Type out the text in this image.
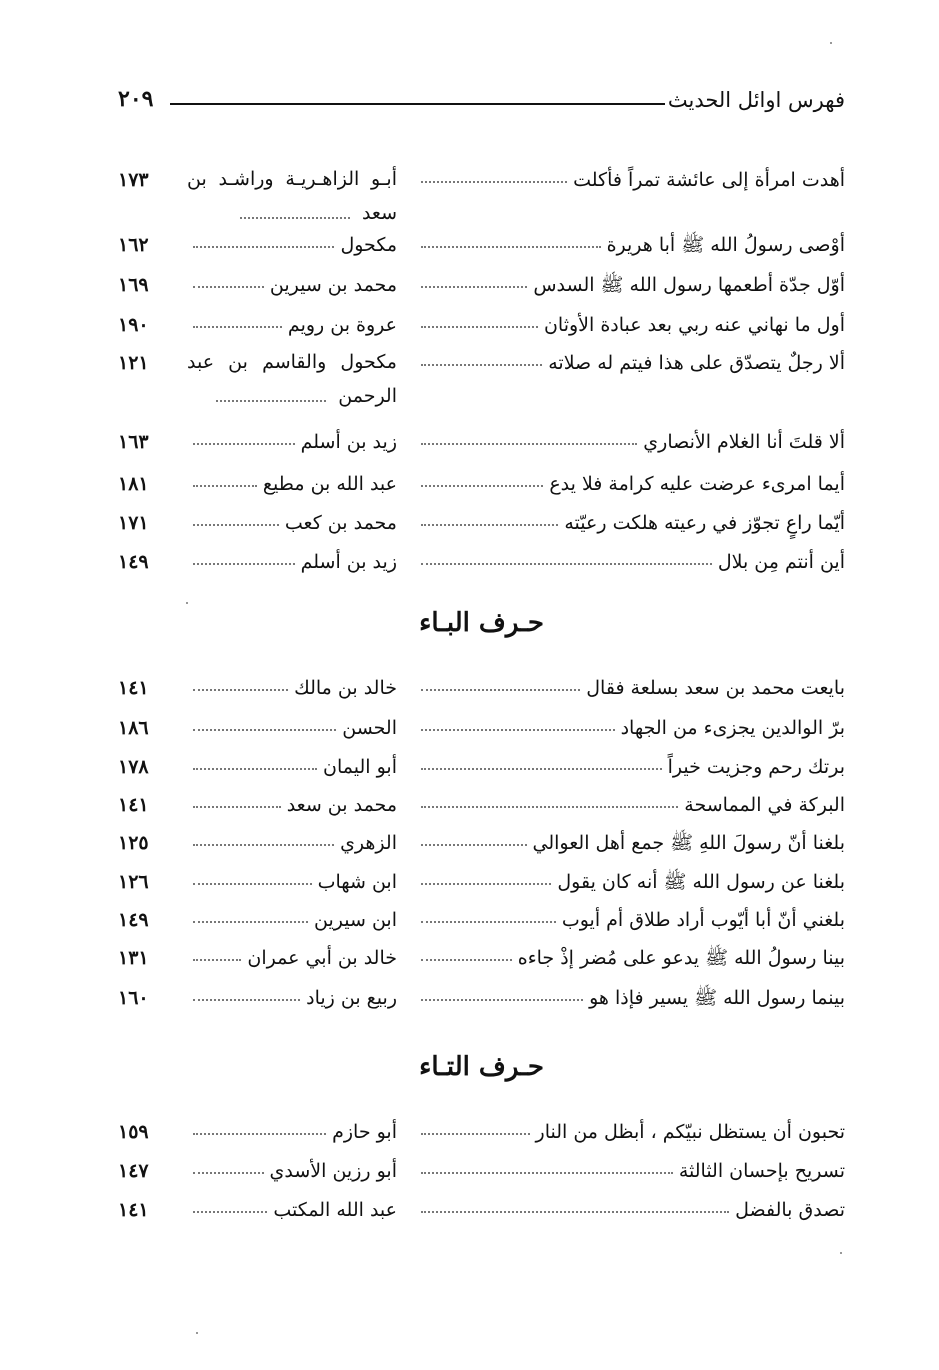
فهرس اوائل الحديث
٢٠٩
أهدت امرأة إلى عائشة تمراً فأكلت
أبـو الزاهـريـة وراشـد بن سعد
١٧٣
أوْصى رسولُ الله ﷺ أبا هريرة
مكحول
١٦٢
أوّل جدّة أطعمها رسول الله ﷺ السدس
محمد بن سيرين
١٦٩
أول ما نهاني عنه ربي بعد عبادة الأوثان
عروة بن رويم
١٩٠
ألا رجلٌ يتصدّق على هذا فيتم له صلاته
مكحول والقاسم بن عبد الرحمن
١٢١
ألا قلتَ أنا الغلام الأنصاري
زيد بن أسلم
١٦٣
أيما امرىء عرضت عليه كرامة فلا يدع
عبد الله بن مطيع
١٨١
أيّما راعٍ تجوّز في رعيته هلكت رعيّته
محمد بن كعب
١٧١
أين أنتم مِن بلال
زيد بن أسلم
١٤٩
حـرف البـاء
بايعت محمد بن سعد بسلعة فقال
خالد بن مالك
١٤١
برّ الوالدين يجزىء من الجهاد
الحسن
١٨٦
برتك رحم وجزيت خيراً
أبو اليمان
١٧٨
البركة في المماسحة
محمد بن سعد
١٤١
بلغنا أنّ رسولَ اللهِ ﷺ جمع أهل العوالي
الزهري
١٢٥
بلغنا عن رسول الله ﷺ أنه كان يقول
ابن شهاب
١٢٦
بلغني أنّ أبا أيّوب أراد طلاق أم أيوب
ابن سيرين
١٤٩
بينا رسولُ الله ﷺ يدعو على مُضر إذْ جاءه
خالد بن أبي عمران
١٣١
بينما رسول الله ﷺ يسير فإذا هو
ربيع بن زياد
١٦٠
حـرف التـاء
تحبون أن يستظل نبيّكم ، أبظل من النار
أبو حازم
١٥٩
تسريح بإحسان الثالثة
أبو رزين الأسدي
١٤٧
تصدق بالفضل
عبد الله المكتب
١٤١
